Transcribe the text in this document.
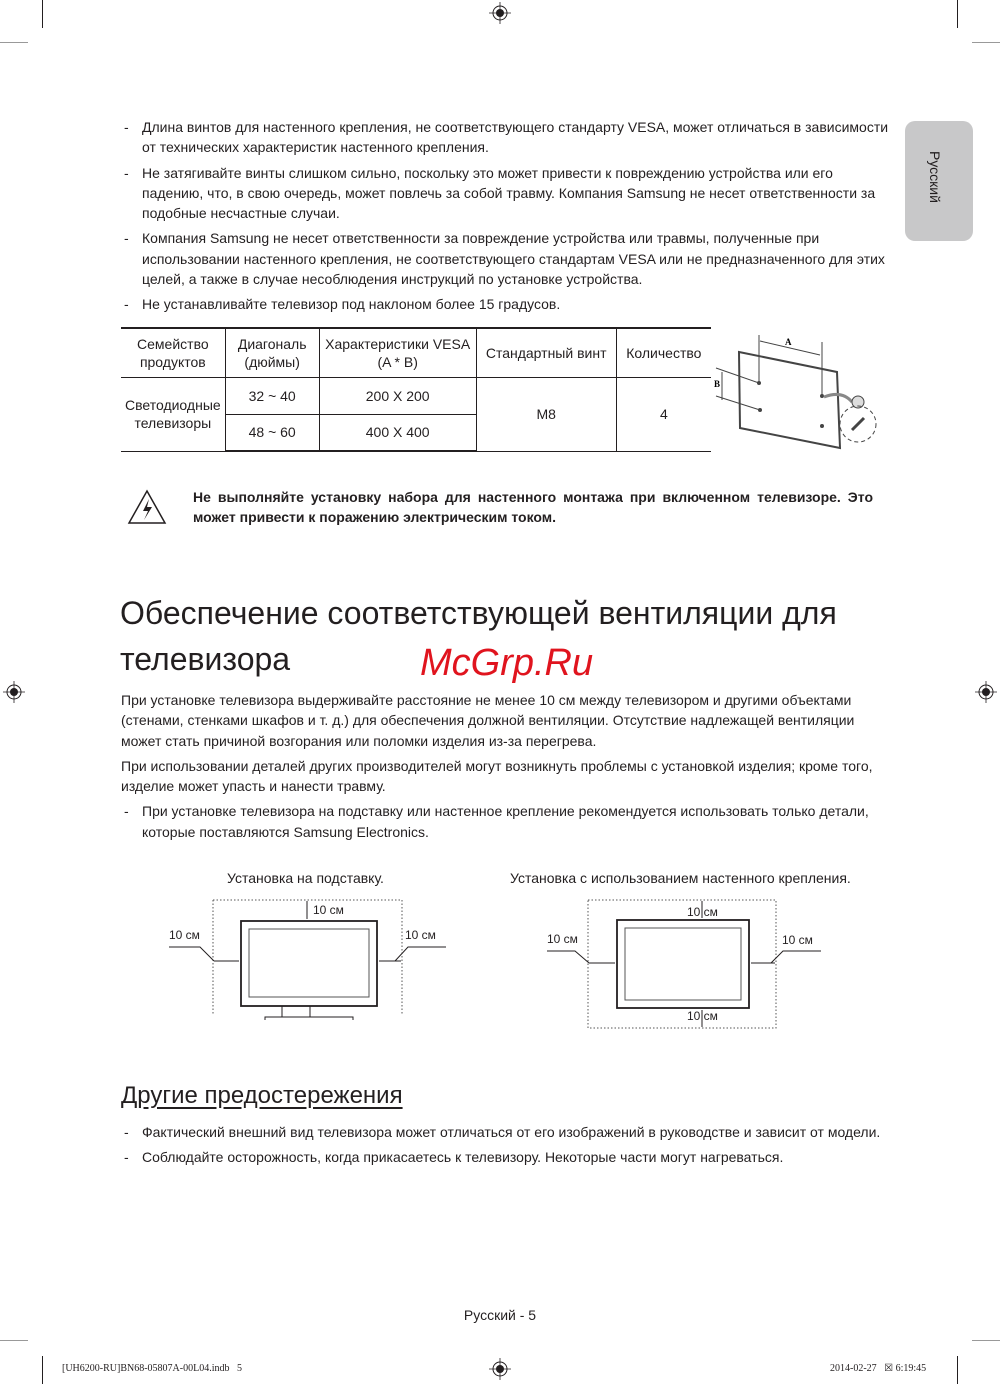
Русский
- Длина винтов для настенного крепления, не соответствующего стандарту VESA, может отличаться в зависимости от технических характеристик настенного крепления.
- Не затягивайте винты слишком сильно, поскольку это может привести к повреждению устройства или его падению, что, в свою очередь, может повлечь за собой травму. Компания Samsung не несет ответственности за подобные несчастные случаи.
- Компания Samsung не несет ответственности за повреждение устройства или травмы, полученные при использовании настенного крепления, не соответствующего стандартам VESA или не предназначенного для этих целей, а также в случае несоблюдения инструкций по установке устройства.
- Не устанавливайте телевизор под наклоном более 15 градусов.
Семейство продуктов	Диагональ (дюймы)	Характеристики VESA (A * B)	Стандартный винт	Количество
Светодиодные телевизоры	32 ~ 40	200 X 200	M8	4
	48 ~ 60	400 X 400		
A
B
Не выполняйте установку набора для настенного монтажа при включенном телевизоре. Это может привести к поражению электрическим током.
Обеспечение соответствующей вентиляции для телевизора	McGrp.Ru
При установке телевизора выдерживайте расстояние не менее 10 см между телевизором и другими объектами (стенами, стенками шкафов и т. д.) для обеспечения должной вентиляции. Отсутствие надлежащей вентиляции может стать причиной возгорания или поломки изделия из-за перегрева.
При использовании деталей других производителей могут возникнуть проблемы с установкой изделия; кроме того, изделие может упасть и нанести травму.
- При установке телевизора на подставку или настенное крепление рекомендуется использовать только детали, которые поставляются Samsung Electronics.
Установка на подставку.	Установка с использованием настенного крепления.
10 см
10 см	10 см
10 см
10 см	10 см
10 см
Другие предостережения
- Фактический внешний вид телевизора может отличаться от его изображений в руководстве и зависит от модели.
- Соблюдайте осторожность, когда прикасаетесь к телевизору. Некоторые части могут нагреваться.
Русский - 5
[UH6200-RU]BN68-05807A-00L04.indb   5	2014-02-27   ☒ 6:19:45
